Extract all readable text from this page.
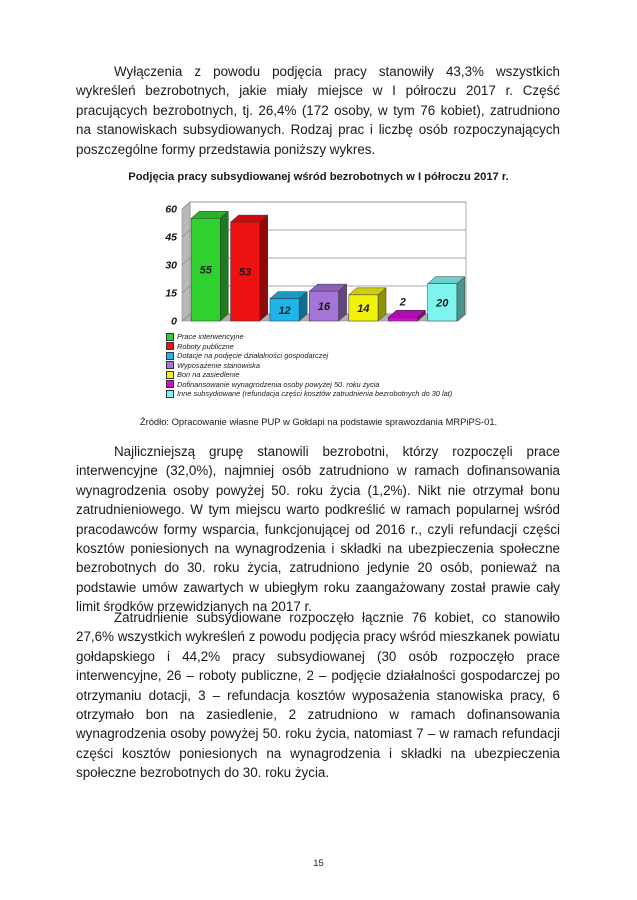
Wyłączenia z powodu podjęcia pracy stanowiły 43,3% wszystkich wykreśleń bezrobotnych, jakie miały miejsce w I półroczu 2017 r. Część pracujących bezrobotnych, tj. 26,4% (172 osoby, w tym 76 kobiet), zatrudniono na stanowiskach subsydiowanych. Rodzaj prac i liczbę osób rozpoczynających poszczególne formy przedstawia poniższy wykres.

Podjęcia pracy subsydiowanej wśród bezrobotnych w I półroczu 2017 r.
0
15
30
45
60
55 53
12 16 14
2	20
Prace interwencyjne
Roboty publiczne
Dotacje na podjęcie działalności gospodarczej
Wyposażenie stanowiska
Bon na zasiedlenie
Dofinansowanie wynagrodzenia osoby powyżej 50. roku życia
Inne subsydiowane (refundacja części kosztów zatrudnienia bezrobotnych do 30 lat)
Źródło: Opracowanie własne PUP w Gołdapi na podstawie sprawozdania MRPiPS-01.

Najliczniejszą grupę stanowili bezrobotni, którzy rozpoczęli prace interwencyjne (32,0%), najmniej osób zatrudniono w ramach dofinansowania wynagrodzenia osoby powyżej 50. roku życia (1,2%). Nikt nie otrzymał bonu zatrudnieniowego. W tym miejscu warto podkreślić w ramach popularnej wśród pracodawców formy wsparcia, funkcjonującej od 2016 r., czyli refundacji części kosztów poniesionych na wynagrodzenia i składki na ubezpieczenia społeczne bezrobotnych do 30. roku życia, zatrudniono jedynie 20 osób, ponieważ na podstawie umów zawartych w ubiegłym roku zaangażowany został prawie cały limit środków przewidzianych na 2017 r.

Zatrudnienie subsydiowane rozpoczęło łącznie 76 kobiet, co stanowiło 27,6% wszystkich wykreśleń z powodu podjęcia pracy wśród mieszkanek powiatu gołdapskiego i 44,2% pracy subsydiowanej (30 osób rozpoczęło prace interwencyjne, 26 – roboty publiczne, 2 – podjęcie działalności gospodarczej po otrzymaniu dotacji, 3 – refundacja kosztów wyposażenia stanowiska pracy, 6 otrzymało bon na zasiedlenie, 2 zatrudniono w ramach dofinansowania wynagrodzenia osoby powyżej 50. roku życia, natomiast 7 – w ramach refundacji części kosztów poniesionych na wynagrodzenia i składki na ubezpieczenia społeczne bezrobotnych do 30. roku życia.

15
